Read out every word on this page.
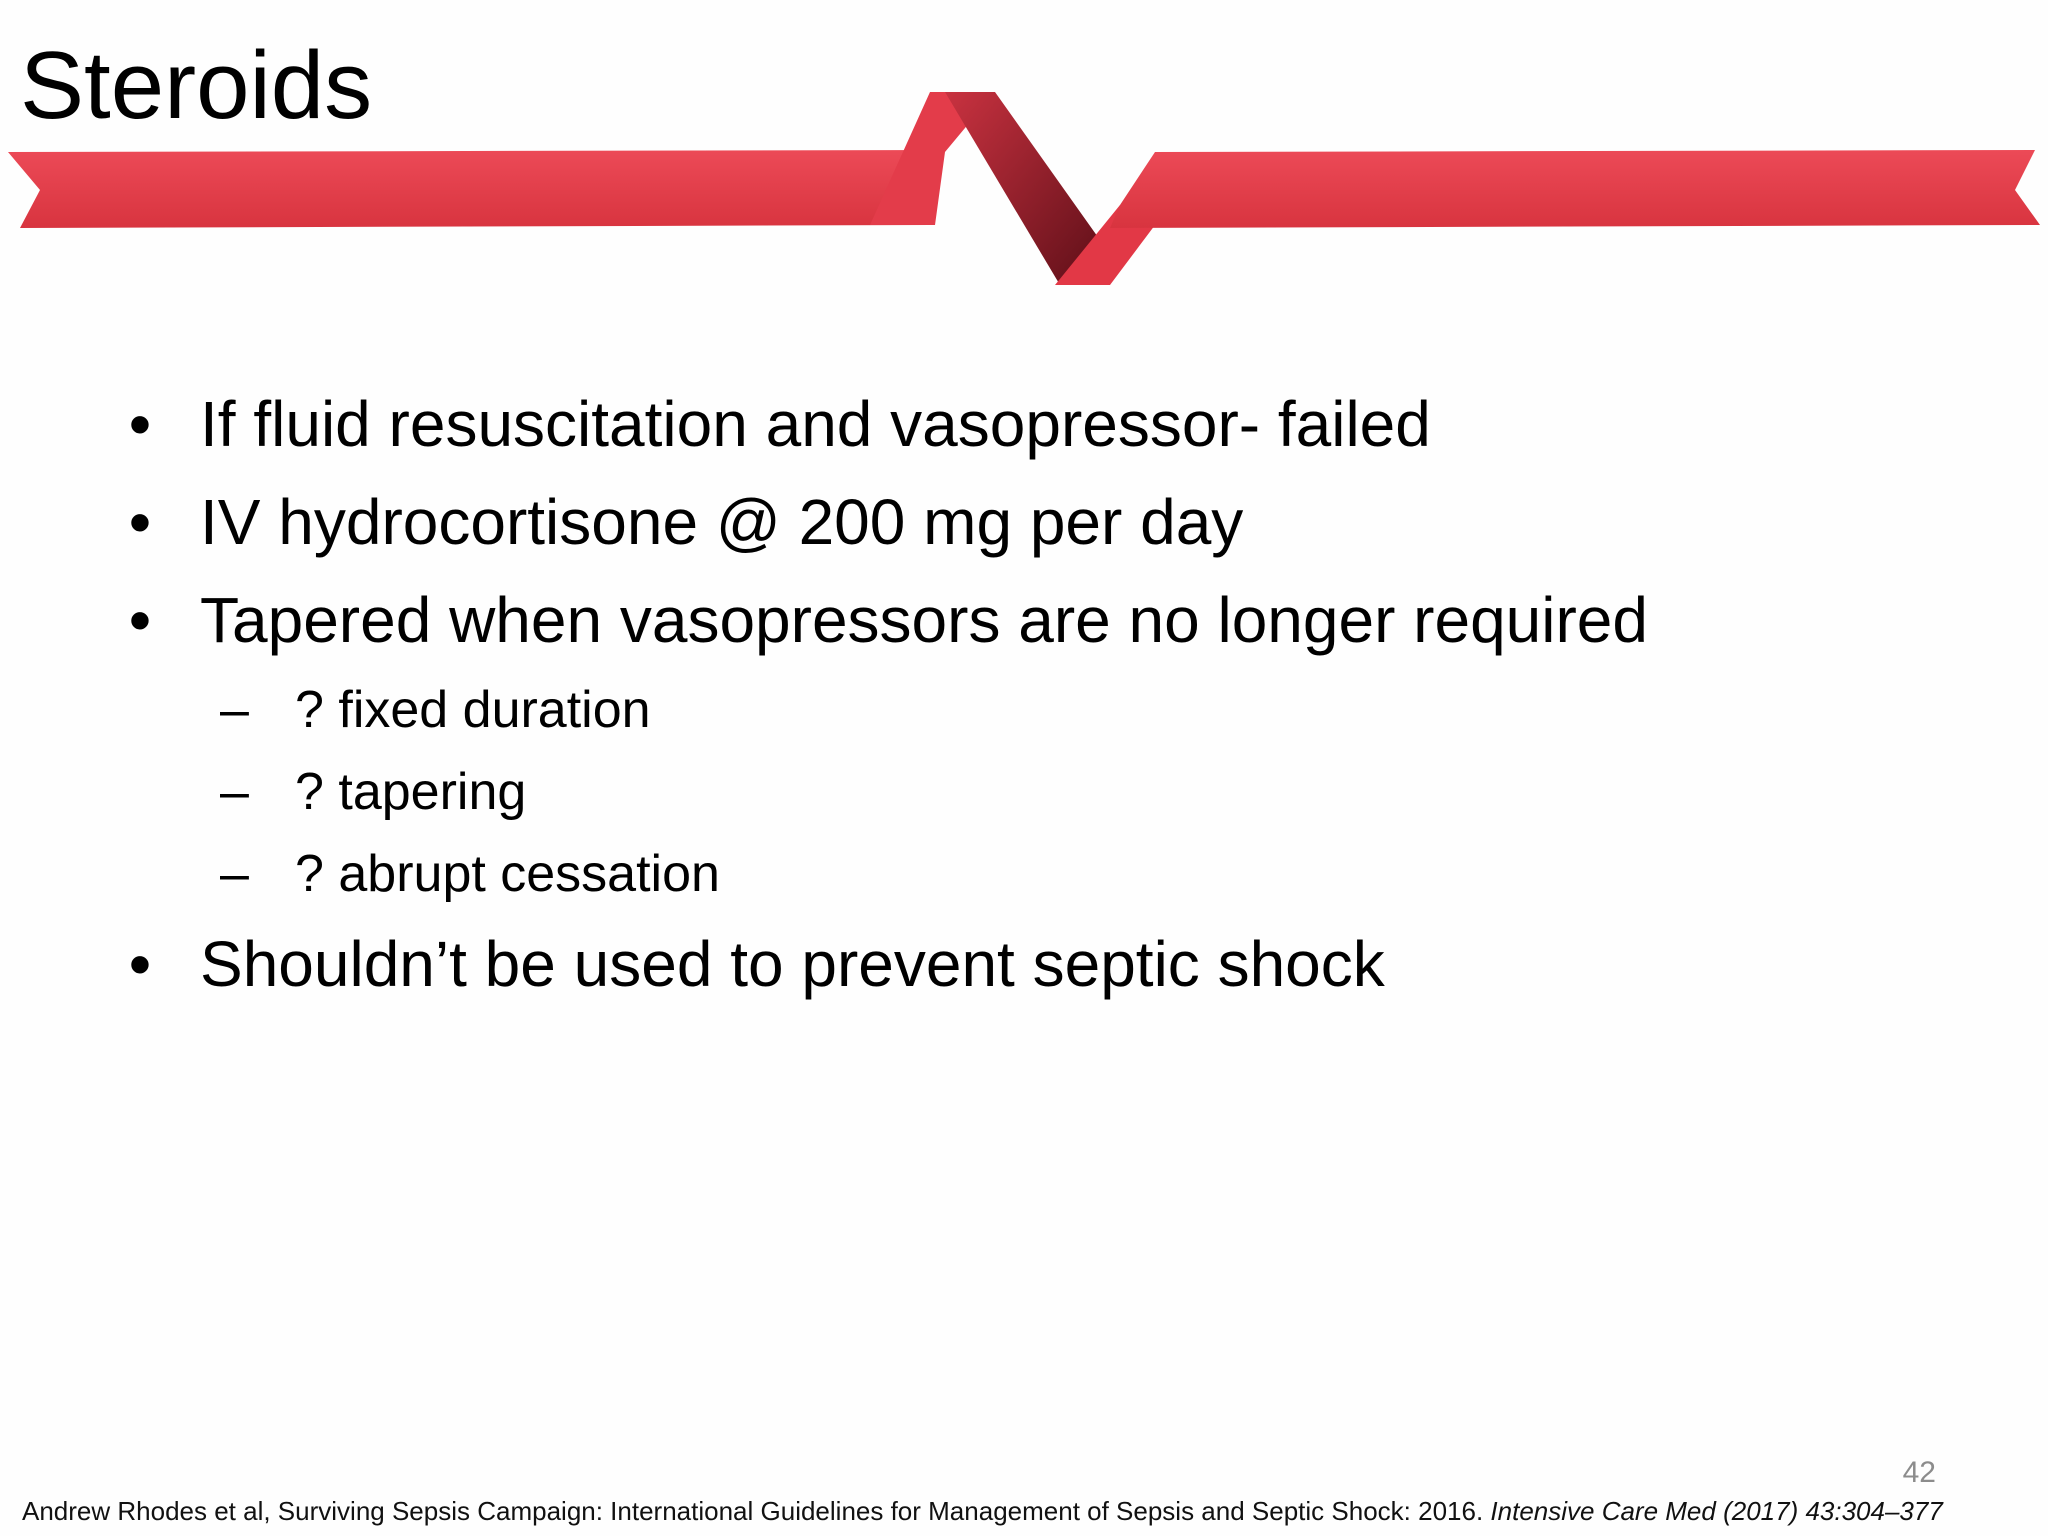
Steroids
• If fluid resuscitation and vasopressor- failed
• IV hydrocortisone @ 200 mg per day
• Tapered when vasopressors are no longer required
– ? fixed duration
– ? tapering
– ? abrupt cessation
• Shouldn’t be used to prevent septic shock
42
Andrew Rhodes et al, Surviving Sepsis Campaign: International Guidelines for Management of Sepsis and Septic Shock: 2016. Intensive Care Med (2017) 43:304–377
